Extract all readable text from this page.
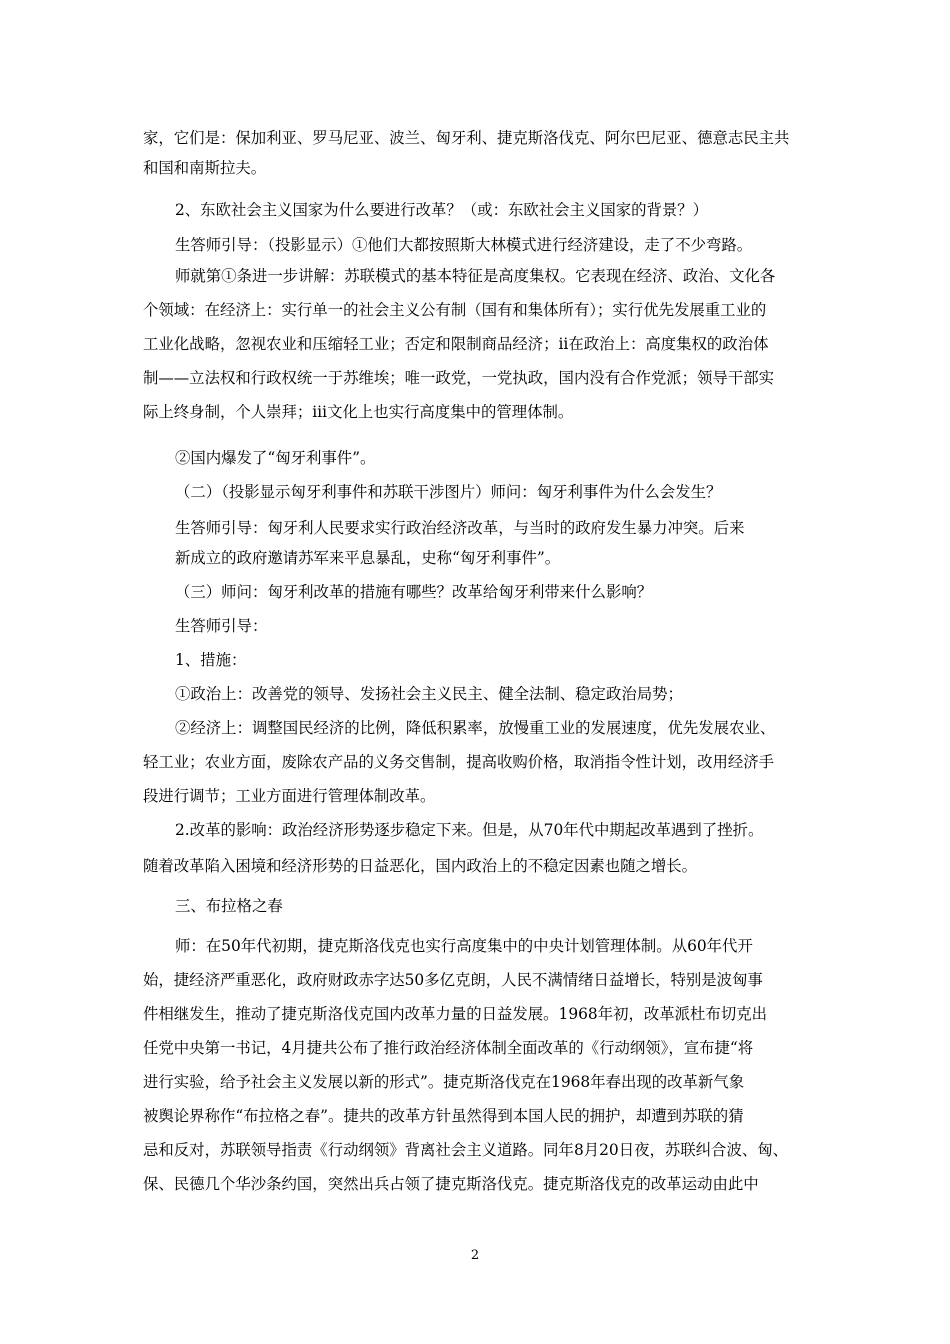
家，它们是：保加利亚、罗马尼亚、波兰、匈牙利、捷克斯洛伐克、阿尔巴尼亚、德意志民主共
和国和南斯拉夫。
2、东欧社会主义国家为什么要进行改革？（或：东欧社会主义国家的背景？）
生答师引导：（投影显示）①他们大都按照斯大林模式进行经济建设，走了不少弯路。
师就第①条进一步讲解：苏联模式的基本特征是高度集权。它表现在经济、政治、文化各
个领域：在经济上：实行单一的社会主义公有制（国有和集体所有）；实行优先发展重工业的
工业化战略，忽视农业和压缩轻工业；否定和限制商品经济；ⅱ在政治上：高度集权的政治体
制——立法权和行政权统一于苏维埃；唯一政党，一党执政，国内没有合作党派；领导干部实
际上终身制，个人崇拜；ⅲ文化上也实行高度集中的管理体制。
②国内爆发了“匈牙利事件”。
（二）（投影显示匈牙利事件和苏联干涉图片）师问：匈牙利事件为什么会发生？
生答师引导：匈牙利人民要求实行政治经济改革，与当时的政府发生暴力冲突。后来
新成立的政府邀请苏军来平息暴乱，史称“匈牙利事件”。
（三）师问：匈牙利改革的措施有哪些？改革给匈牙利带来什么影响？
生答师引导：
1、措施：
①政治上：改善党的领导、发扬社会主义民主、健全法制、稳定政治局势；
②经济上：调整国民经济的比例，降低积累率，放慢重工业的发展速度，优先发展农业、
轻工业；农业方面，废除农产品的义务交售制，提高收购价格，取消指令性计划，改用经济手
段进行调节；工业方面进行管理体制改革。
2.改革的影响：政治经济形势逐步稳定下来。但是，从70年代中期起改革遇到了挫折。
随着改革陷入困境和经济形势的日益恶化，国内政治上的不稳定因素也随之增长。
三、布拉格之春
师：在50年代初期，捷克斯洛伐克也实行高度集中的中央计划管理体制。从60年代开
始，捷经济严重恶化，政府财政赤字达50多亿克朗，人民不满情绪日益增长，特别是波匈事
件相继发生，推动了捷克斯洛伐克国内改革力量的日益发展。1968年初，改革派杜布切克出
任党中央第一书记，4月捷共公布了推行政治经济体制全面改革的《行动纲领》，宣布捷“将
进行实验，给予社会主义发展以新的形式”。捷克斯洛伐克在1968年春出现的改革新气象
被舆论界称作“布拉格之春”。捷共的改革方针虽然得到本国人民的拥护，却遭到苏联的猜
忌和反对，苏联领导指责《行动纲领》背离社会主义道路。同年8月20日夜，苏联纠合波、匈、
保、民德几个华沙条约国，突然出兵占领了捷克斯洛伐克。捷克斯洛伐克的改革运动由此中
2
